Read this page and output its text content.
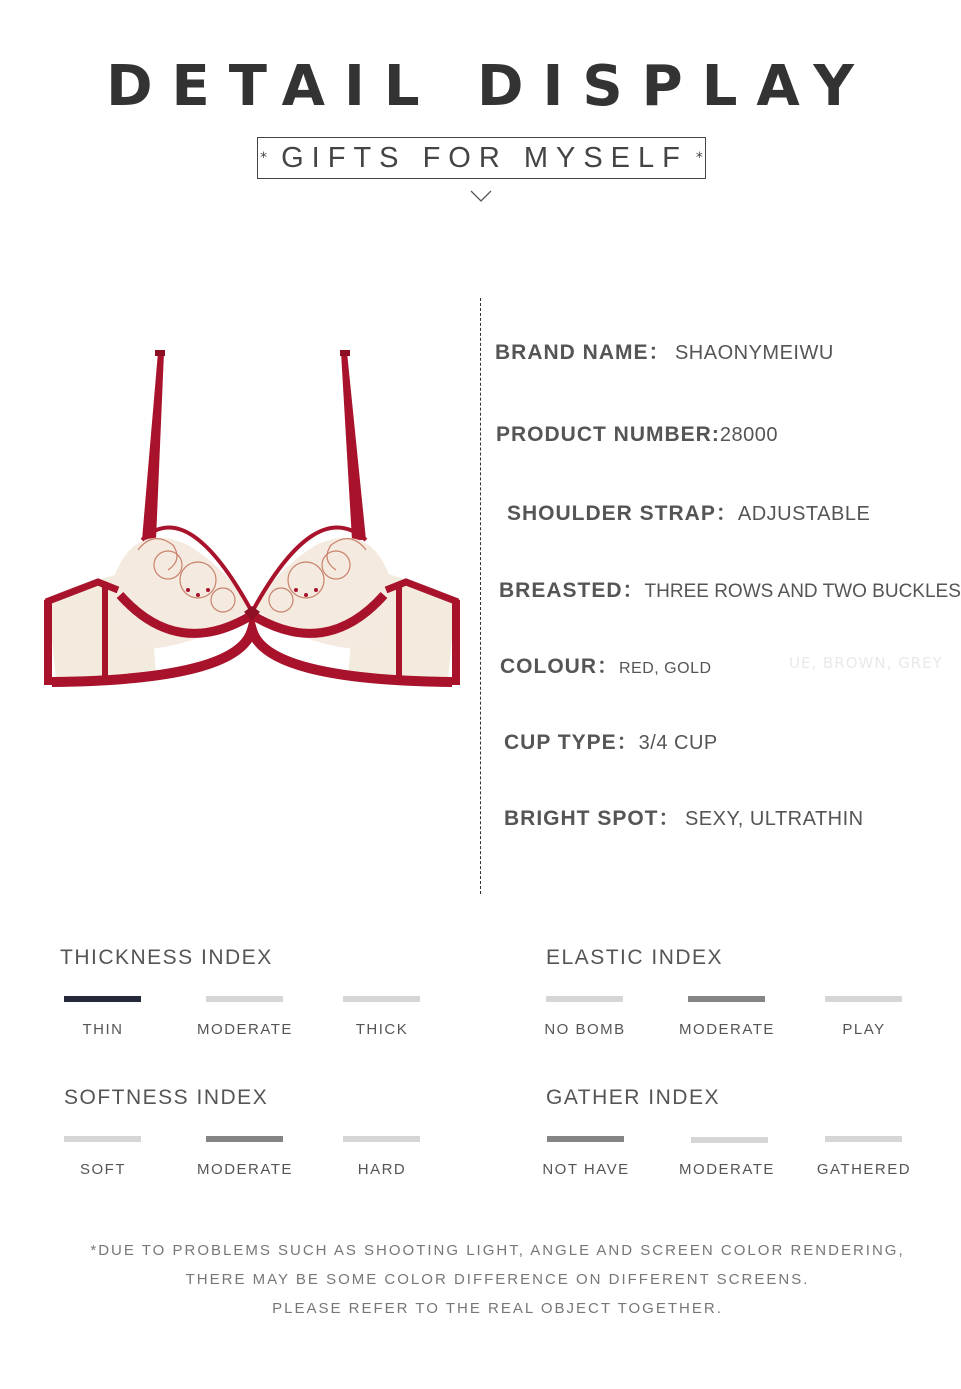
DETAIL DISPLAY
* GIFTS FOR MYSELF *
BRAND NAME： SHAONYMEIWU
PRODUCT NUMBER:28000
SHOULDER STRAP：ADJUSTABLE
BREASTED：THREE ROWS AND TWO BUCKLES
COLOUR：RED, GOLD	UE, BROWN, GREY
CUP TYPE：3/4 CUP
BRIGHT SPOT： SEXY, ULTRATHIN
THICKNESS INDEX
THIN	MODERATE	THICK
ELASTIC INDEX
NO BOMB	MODERATE	PLAY
SOFTNESS INDEX
SOFT	MODERATE	HARD
GATHER INDEX
NOT HAVE	MODERATE	GATHERED
*DUE TO PROBLEMS SUCH AS SHOOTING LIGHT, ANGLE AND SCREEN COLOR RENDERING,
THERE MAY BE SOME COLOR DIFFERENCE ON DIFFERENT SCREENS.
PLEASE REFER TO THE REAL OBJECT TOGETHER.
